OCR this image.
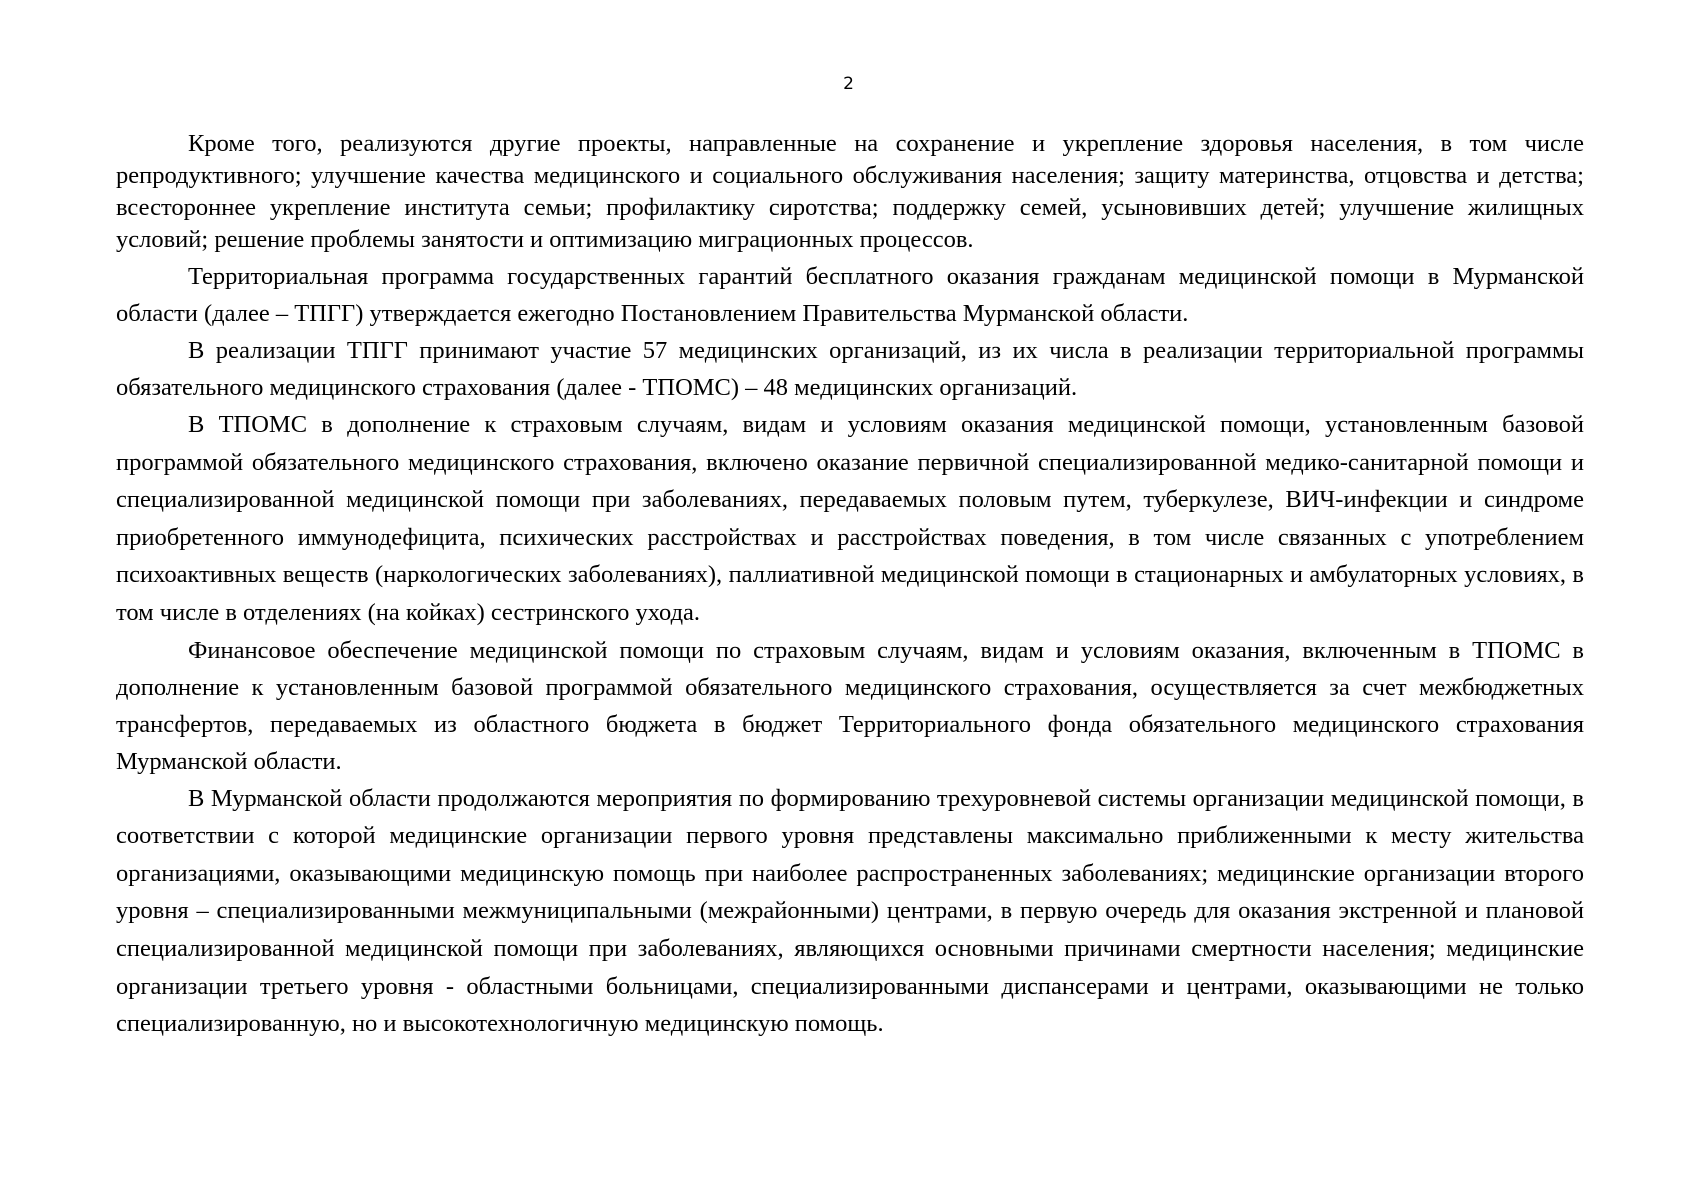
2

Кроме того, реализуются другие проекты, направленные на сохранение и укрепление здоровья населения, в том числе репродуктивного; улучшение качества медицинского и социального обслуживания населения; защиту материнства, отцовства и детства; всестороннее укрепление института семьи; профилактику сиротства; поддержку семей, усыновивших детей; улучшение жилищных условий; решение проблемы занятости и оптимизацию миграционных процессов.

Территориальная программа государственных гарантий бесплатного оказания гражданам медицинской помощи в Мурманской области (далее – ТПГГ) утверждается ежегодно Постановлением Правительства Мурманской области.

В реализации ТПГГ принимают участие 57 медицинских организаций, из их числа в реализации территориальной программы обязательного медицинского страхования (далее - ТПОМС) – 48 медицинских организаций.

В ТПОМС в дополнение к страховым случаям, видам и условиям оказания медицинской помощи, установленным базовой программой обязательного медицинского страхования, включено оказание первичной специализированной медико-санитарной помощи и специализированной медицинской помощи при заболеваниях, передаваемых половым путем, туберкулезе, ВИЧ-инфекции и синдроме приобретенного иммунодефицита, психических расстройствах и расстройствах поведения, в том числе связанных с употреблением психоактивных веществ (наркологических заболеваниях), паллиативной медицинской помощи в стационарных и амбулаторных условиях, в том числе в отделениях (на койках) сестринского ухода.

Финансовое обеспечение медицинской помощи по страховым случаям, видам и условиям оказания, включенным в ТПОМС в дополнение к установленным базовой программой обязательного медицинского страхования, осуществляется за счет межбюджетных трансфертов, передаваемых из областного бюджета в бюджет Территориального фонда обязательного медицинского страхования Мурманской области.

В Мурманской области продолжаются мероприятия по формированию трехуровневой системы организации медицинской помощи, в соответствии с которой медицинские организации первого уровня представлены максимально приближенными к месту жительства организациями, оказывающими медицинскую помощь при наиболее распространенных заболеваниях; медицинские организации второго уровня – специализированными межмуниципальными (межрайонными) центрами, в первую очередь для оказания экстренной и плановой специализированной медицинской помощи при заболеваниях, являющихся основными причинами смертности населения; медицинские организации третьего уровня - областными больницами, специализированными диспансерами и центрами, оказывающими не только специализированную, но и высокотехнологичную медицинскую помощь.
